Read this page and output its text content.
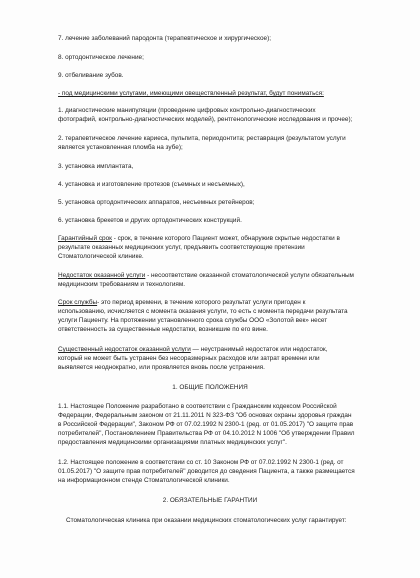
7. лечение заболеваний пародонта (терапевтическое и хирургическое);
8. ортодонтическое лечение;
9. отбеливание зубов.
- под медицинскими услугами, имеющими овеществленный результат, будут пониматься:
1. диагностические манипуляции (проведение цифровых контрольно-диагностических
фотографий, контрольно-диагностических моделей), рентгенологические исследования и прочее);
2. терапевтическое лечение кариеса, пульпита, периодонтита; реставрация (результатом услуги
является установленная пломба на зубе);
3. установка имплантата,
4. установка и изготовление протезов (съемных и несъемных),
5. установка ортодонтических аппаратов, несъемных ретейнеров;
6. установка брекетов и других ортодонтических конструкций.
Гарантийный срок - срок, в течение которого Пациент может, обнаружив скрытые недостатки в
результате оказанных медицинских услуг, предъявить соответствующие претензии
Стоматологической клинике.
Недостаток оказанной услуги - несоответствие оказанной стоматологической услуги обязательным
медицинским требованиям и технологиям.
Срок службы- это период времени, в течение которого результат услуги пригоден к
использованию, исчисляется с момента оказания услуги, то есть с момента передачи результата
услуги Пациенту. На протяжении установленного срока службы ООО «Золотой век» несет
ответственность за существенные недостатки, возникшие по его вине.
Существенный недостаток оказанной услуги — неустранимый недостаток или недостаток,
который не может быть устранен без несоразмерных расходов или затрат времени или
выявляется неоднократно, или проявляется вновь после устранения.
1. ОБЩИЕ ПОЛОЖЕНИЯ
1.1. Настоящее Положение разработано в соответствии с Гражданским кодексом Российской
Федерации, Федеральным законом от 21.11.2011 N 323-ФЗ "Об основах охраны здоровья граждан
в Российской Федерации", Законом РФ от 07.02.1992 N 2300-1 (ред. от 01.05.2017) "О защите прав
потребителей", Постановлением Правительства РФ от 04.10.2012 N 1006 "Об утверждении Правил
предоставления медицинскими организациями платных медицинских услуг".
1.2. Настоящее положение в соответствии со ст. 10 Законом РФ от 07.02.1992 N 2300-1 (ред. от
01.05.2017) "О защите прав потребителей" доводится до сведения Пациента, а также размещается
на информационном стенде Стоматологической клиники.
2. ОБЯЗАТЕЛЬНЫЕ ГАРАНТИИ
Стоматологическая клиника при оказании медицинских стоматологических услуг гарантирует:
